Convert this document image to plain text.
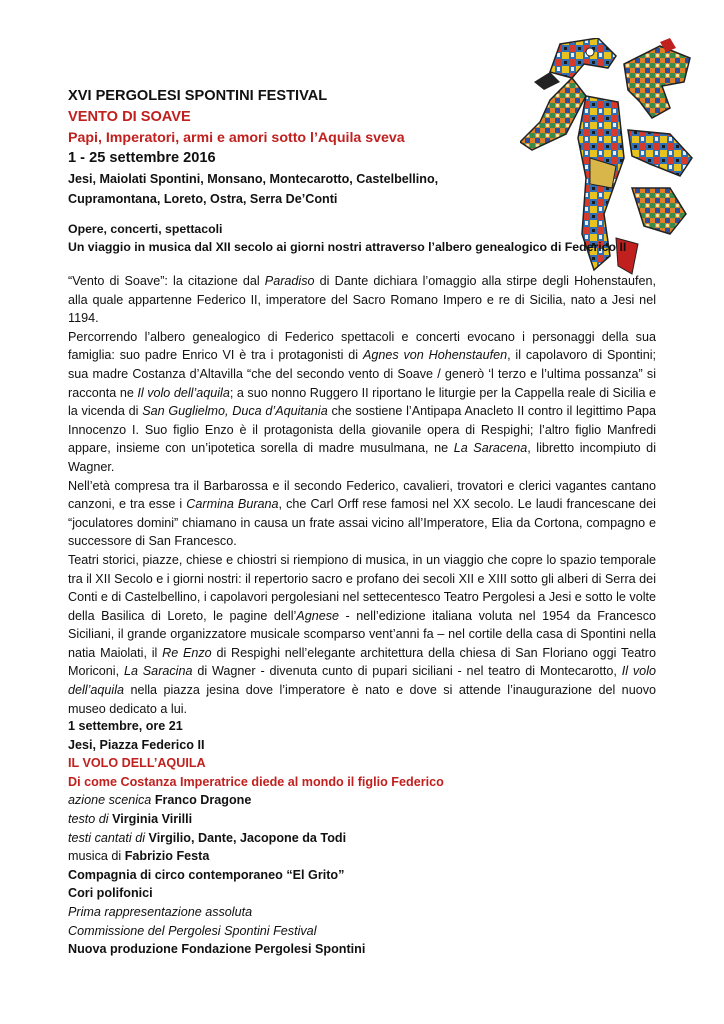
XVI PERGOLESI SPONTINI FESTIVAL
VENTO DI SOAVE
Papi, Imperatori, armi e amori sotto l’Aquila sveva
1 - 25 settembre 2016
Jesi, Maiolati Spontini, Monsano, Montecarotto, Castelbellino,
Cupramontana, Loreto, Ostra, Serra De’Conti
Opere, concerti, spettacoli
Un viaggio in musica dal XII secolo ai giorni nostri attraverso l’albero genealogico di Federico II

“Vento di Soave”: la citazione dal Paradiso di Dante dichiara l’omaggio alla stirpe degli Hohenstaufen, alla quale appartenne Federico II, imperatore del Sacro Romano Impero e re di Sicilia, nato a Jesi nel 1194.

Percorrendo l’albero genealogico di Federico spettacoli e concerti evocano i personaggi della sua famiglia: suo padre Enrico VI è tra i protagonisti di Agnes von Hohenstaufen, il capolavoro di Spontini; sua madre Costanza d’Altavilla “che del secondo vento di Soave / generò ‘l terzo e l’ultima possanza” si racconta ne Il volo dell’aquila; a suo nonno Ruggero II riportano le liturgie per la Cappella reale di Sicilia e la vicenda di San Guglielmo, Duca d’Aquitania che sostiene l’Antipapa Anacleto II contro il legittimo Papa Innocenzo I. Suo figlio Enzo è il protagonista della giovanile opera di Respighi; l’altro figlio Manfredi appare, insieme con un’ipotetica sorella di madre musulmana, ne La Saracena, libretto incompiuto di Wagner.

Nell’età compresa tra il Barbarossa e il secondo Federico, cavalieri, trovatori e clerici vagantes cantano canzoni, e tra esse i Carmina Burana, che Carl Orff rese famosi nel XX secolo. Le laudi francescane dei “joculatores domini” chiamano in causa un frate assai vicino all’Imperatore, Elia da Cortona, compagno e successore di San Francesco.

Teatri storici, piazze, chiese e chiostri si riempiono di musica, in un viaggio che copre lo spazio temporale tra il XII Secolo e i giorni nostri: il repertorio sacro e profano dei secoli XII e XIII sotto gli alberi di Serra dei Conti e di Castelbellino, i capolavori pergolesiani nel settecentesco Teatro Pergolesi a Jesi e sotto le volte della Basilica di Loreto, le pagine dell’Agnese - nell’edizione italiana voluta nel 1954 da Francesco Siciliani, il grande organizzatore musicale scomparso vent’anni fa – nel cortile della casa di Spontini nella natia Maiolati, il Re Enzo di Respighi nell’elegante architettura della chiesa di San Floriano oggi Teatro Moriconi, La Saracina di Wagner - divenuta cunto di pupari siciliani - nel teatro di Montecarotto, Il volo dell’aquila nella piazza jesina dove l’imperatore è nato e dove si attende l’inaugurazione del nuovo museo dedicato a lui.

1 settembre, ore 21
Jesi, Piazza Federico II
IL VOLO DELL’AQUILA
Di come Costanza Imperatrice diede al mondo il figlio Federico
azione scenica Franco Dragone
testo di Virginia Virilli
testi cantati di Virgilio, Dante, Jacopone da Todi
musica di Fabrizio Festa
Compagnia di circo contemporaneo “El Grito”
Cori polifonici
Prima rappresentazione assoluta
Commissione del Pergolesi Spontini Festival
Nuova produzione Fondazione Pergolesi Spontini
